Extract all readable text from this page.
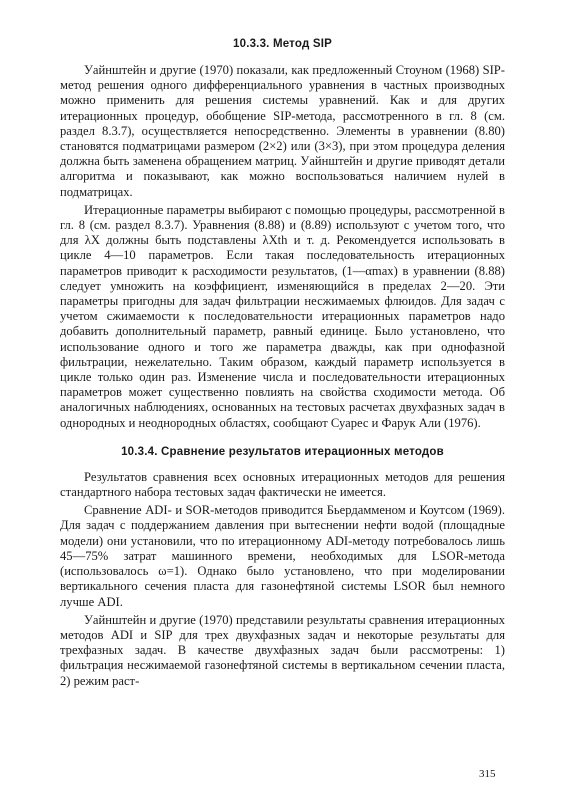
10.3.3. Метод SIP

Уайнштейн и другие (1970) показали, как предложенный Стоуном (1968) SIP-метод решения одного дифференциального уравнения в частных производных можно применить для решения системы уравнений. Как и для других итерационных процедур, обобщение SIP-метода, рассмотренного в гл. 8 (см. раздел 8.3.7), осуществляется непосредственно. Элементы в уравнении (8.80) становятся подматрицами размером (2×2) или (3×3), при этом процедура деления должна быть заменена обращением матриц. Уайнштейн и другие приводят детали алгоритма и показывают, как можно воспользоваться наличием нулей в подматрицах.

Итерационные параметры выбирают с помощью процедуры, рассмотренной в гл. 8 (см. раздел 8.3.7). Уравнения (8.88) и (8.89) используют с учетом того, что для λX должны быть подставлены λXth и т. д. Рекомендуется использовать в цикле 4—10 параметров. Если такая последовательность итерационных параметров приводит к расходимости результатов, (1—αmax) в уравнении (8.88) следует умножить на коэффициент, изменяющийся в пределах 2—20. Эти параметры пригодны для задач фильтрации несжимаемых флюидов. Для задач с учетом сжимаемости к последовательности итерационных параметров надо добавить дополнительный параметр, равный единице. Было установлено, что использование одного и того же параметра дважды, как при однофазной фильтрации, нежелательно. Таким образом, каждый параметр используется в цикле только один раз. Изменение числа и последовательности итерационных параметров может существенно повлиять на свойства сходимости метода. Об аналогичных наблюдениях, основанных на тестовых расчетах двухфазных задач в однородных и неоднородных областях, сообщают Суарес и Фарук Али (1976).

10.3.4. Сравнение результатов итерационных методов

Результатов сравнения всех основных итерационных методов для решения стандартного набора тестовых задач фактически не имеется.

Сравнение ADI- и SOR-методов приводится Бьердамменом и Коутсом (1969). Для задач с поддержанием давления при вытеснении нефти водой (площадные модели) они установили, что по итерационному ADI-методу потребовалось лишь 45—75% затрат машинного времени, необходимых для LSOR-метода (использовалось ω=1). Однако было установлено, что при моделировании вертикального сечения пласта для газонефтяной системы LSOR был немного лучше ADI.

Уайнштейн и другие (1970) представили результаты сравнения итерационных методов ADI и SIP для трех двухфазных задач и некоторые результаты для трехфазных задач. В качестве двухфазных задач были рассмотрены: 1) фильтрация несжимаемой газонефтяной системы в вертикальном сечении пласта, 2) режим раст-

315
